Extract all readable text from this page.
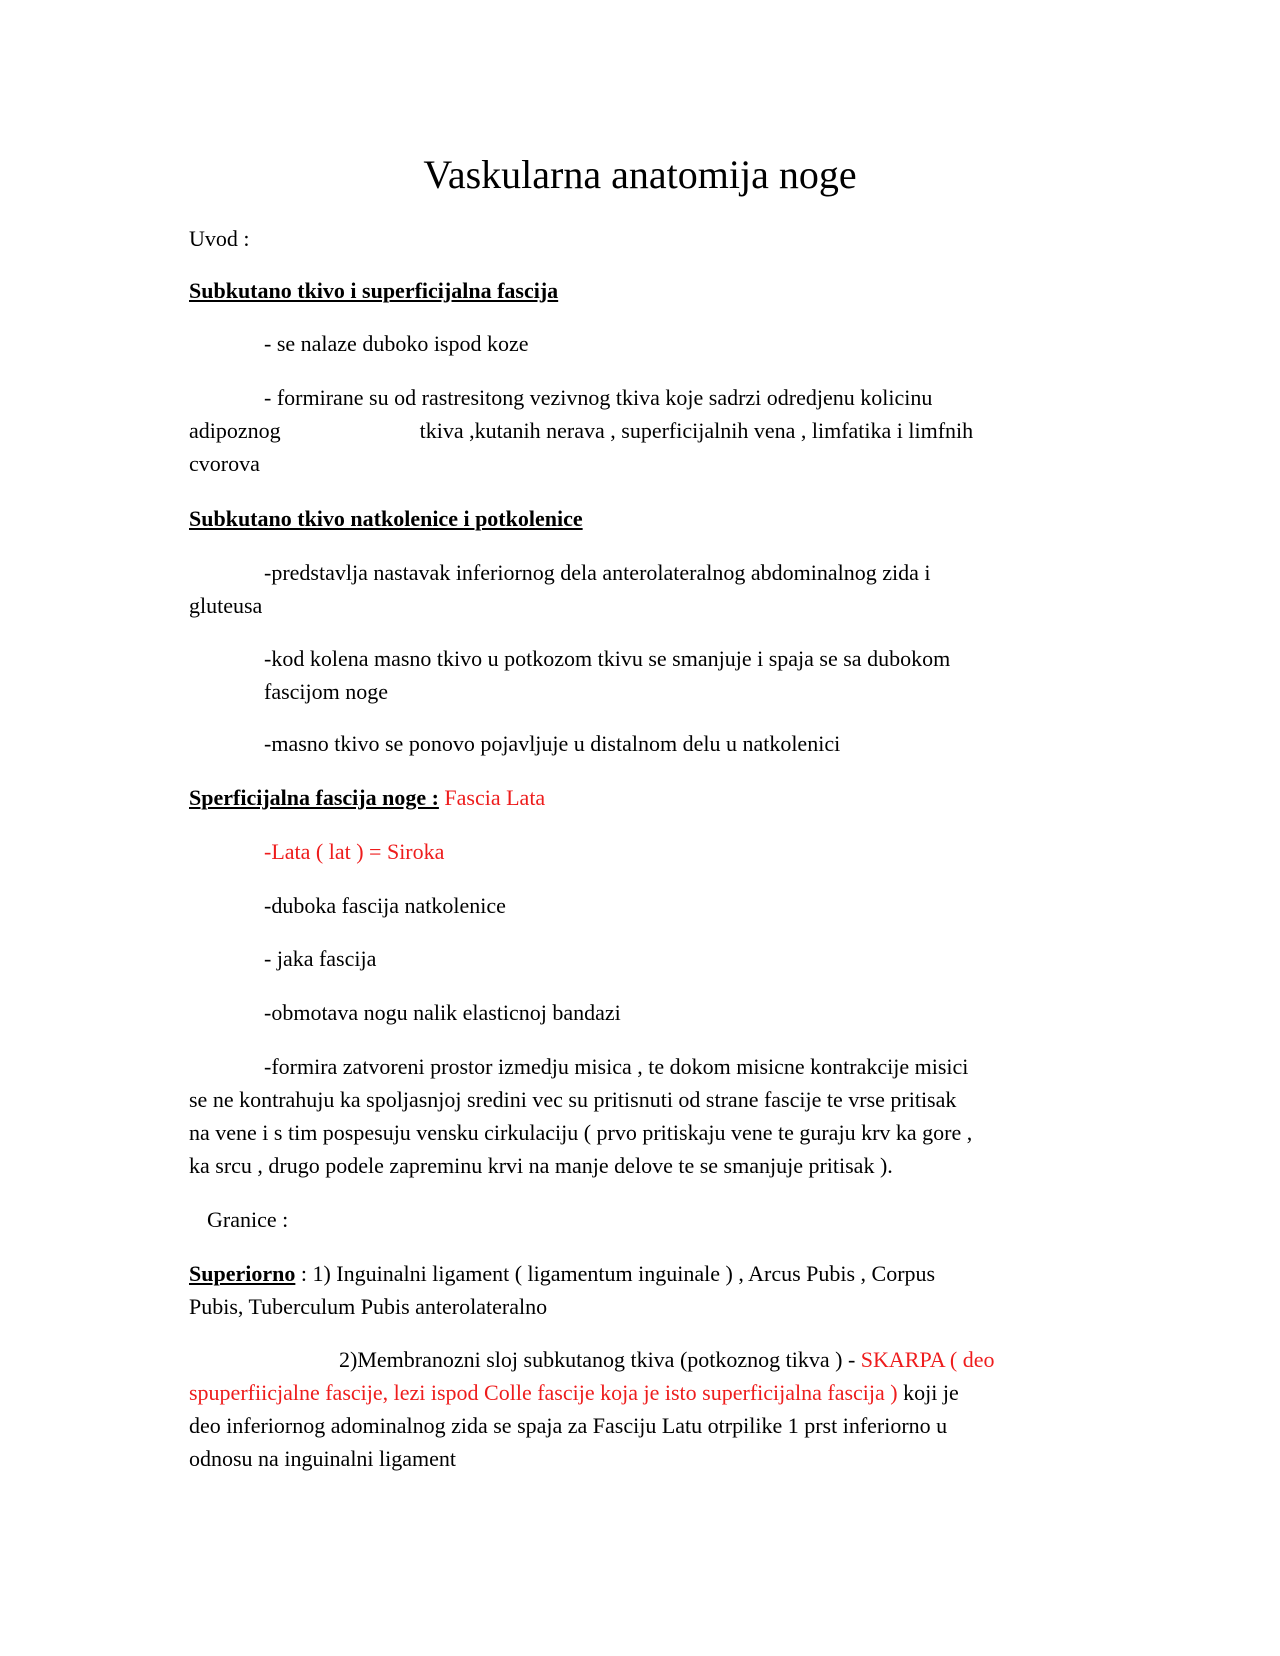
Vaskularna anatomija noge
Uvod :
Subkutano tkivo i superficijalna fascija
- se nalaze duboko ispod koze
- formirane su od rastresitong vezivnog tkiva koje sadrzi odredjenu kolicinu
adipoznog	tkiva ,kutanih nerava , superficijalnih vena , limfatika i limfnih
cvorova
Subkutano tkivo natkolenice i potkolenice
-predstavlja nastavak inferiornog dela anterolateralnog abdominalnog zida i
gluteusa
-kod kolena masno tkivo u potkozom tkivu se smanjuje i spaja se sa dubokom
fascijom noge
-masno tkivo se ponovo pojavljuje u distalnom delu u natkolenici
Sperficijalna fascija noge : Fascia Lata
-Lata ( lat ) = Siroka
-duboka fascija natkolenice
- jaka fascija
-obmotava nogu nalik elasticnoj bandazi
-formira zatvoreni prostor izmedju misica , te dokom misicne kontrakcije misici
se ne kontrahuju ka spoljasnjoj sredini vec su pritisnuti od strane fascije te vrse pritisak
na vene i s tim pospesuju vensku cirkulaciju ( prvo pritiskaju vene te guraju krv ka gore ,
ka srcu , drugo podele zapreminu krvi na manje delove te se smanjuje pritisak ).
Granice :
Superiorno : 1) Inguinalni ligament ( ligamentum inguinale ) , Arcus Pubis , Corpus
Pubis, Tuberculum Pubis anterolateralno
2)Membranozni sloj subkutanog tkiva (potkoznog tikva ) - SKARPA ( deo
spuperfiicjalne fascije, lezi ispod Colle fascije koja je isto superficijalna fascija ) koji je
deo inferiornog adominalnog zida se spaja za Fasciju Latu otrpilike 1 prst inferiorno u
odnosu na inguinalni ligament
